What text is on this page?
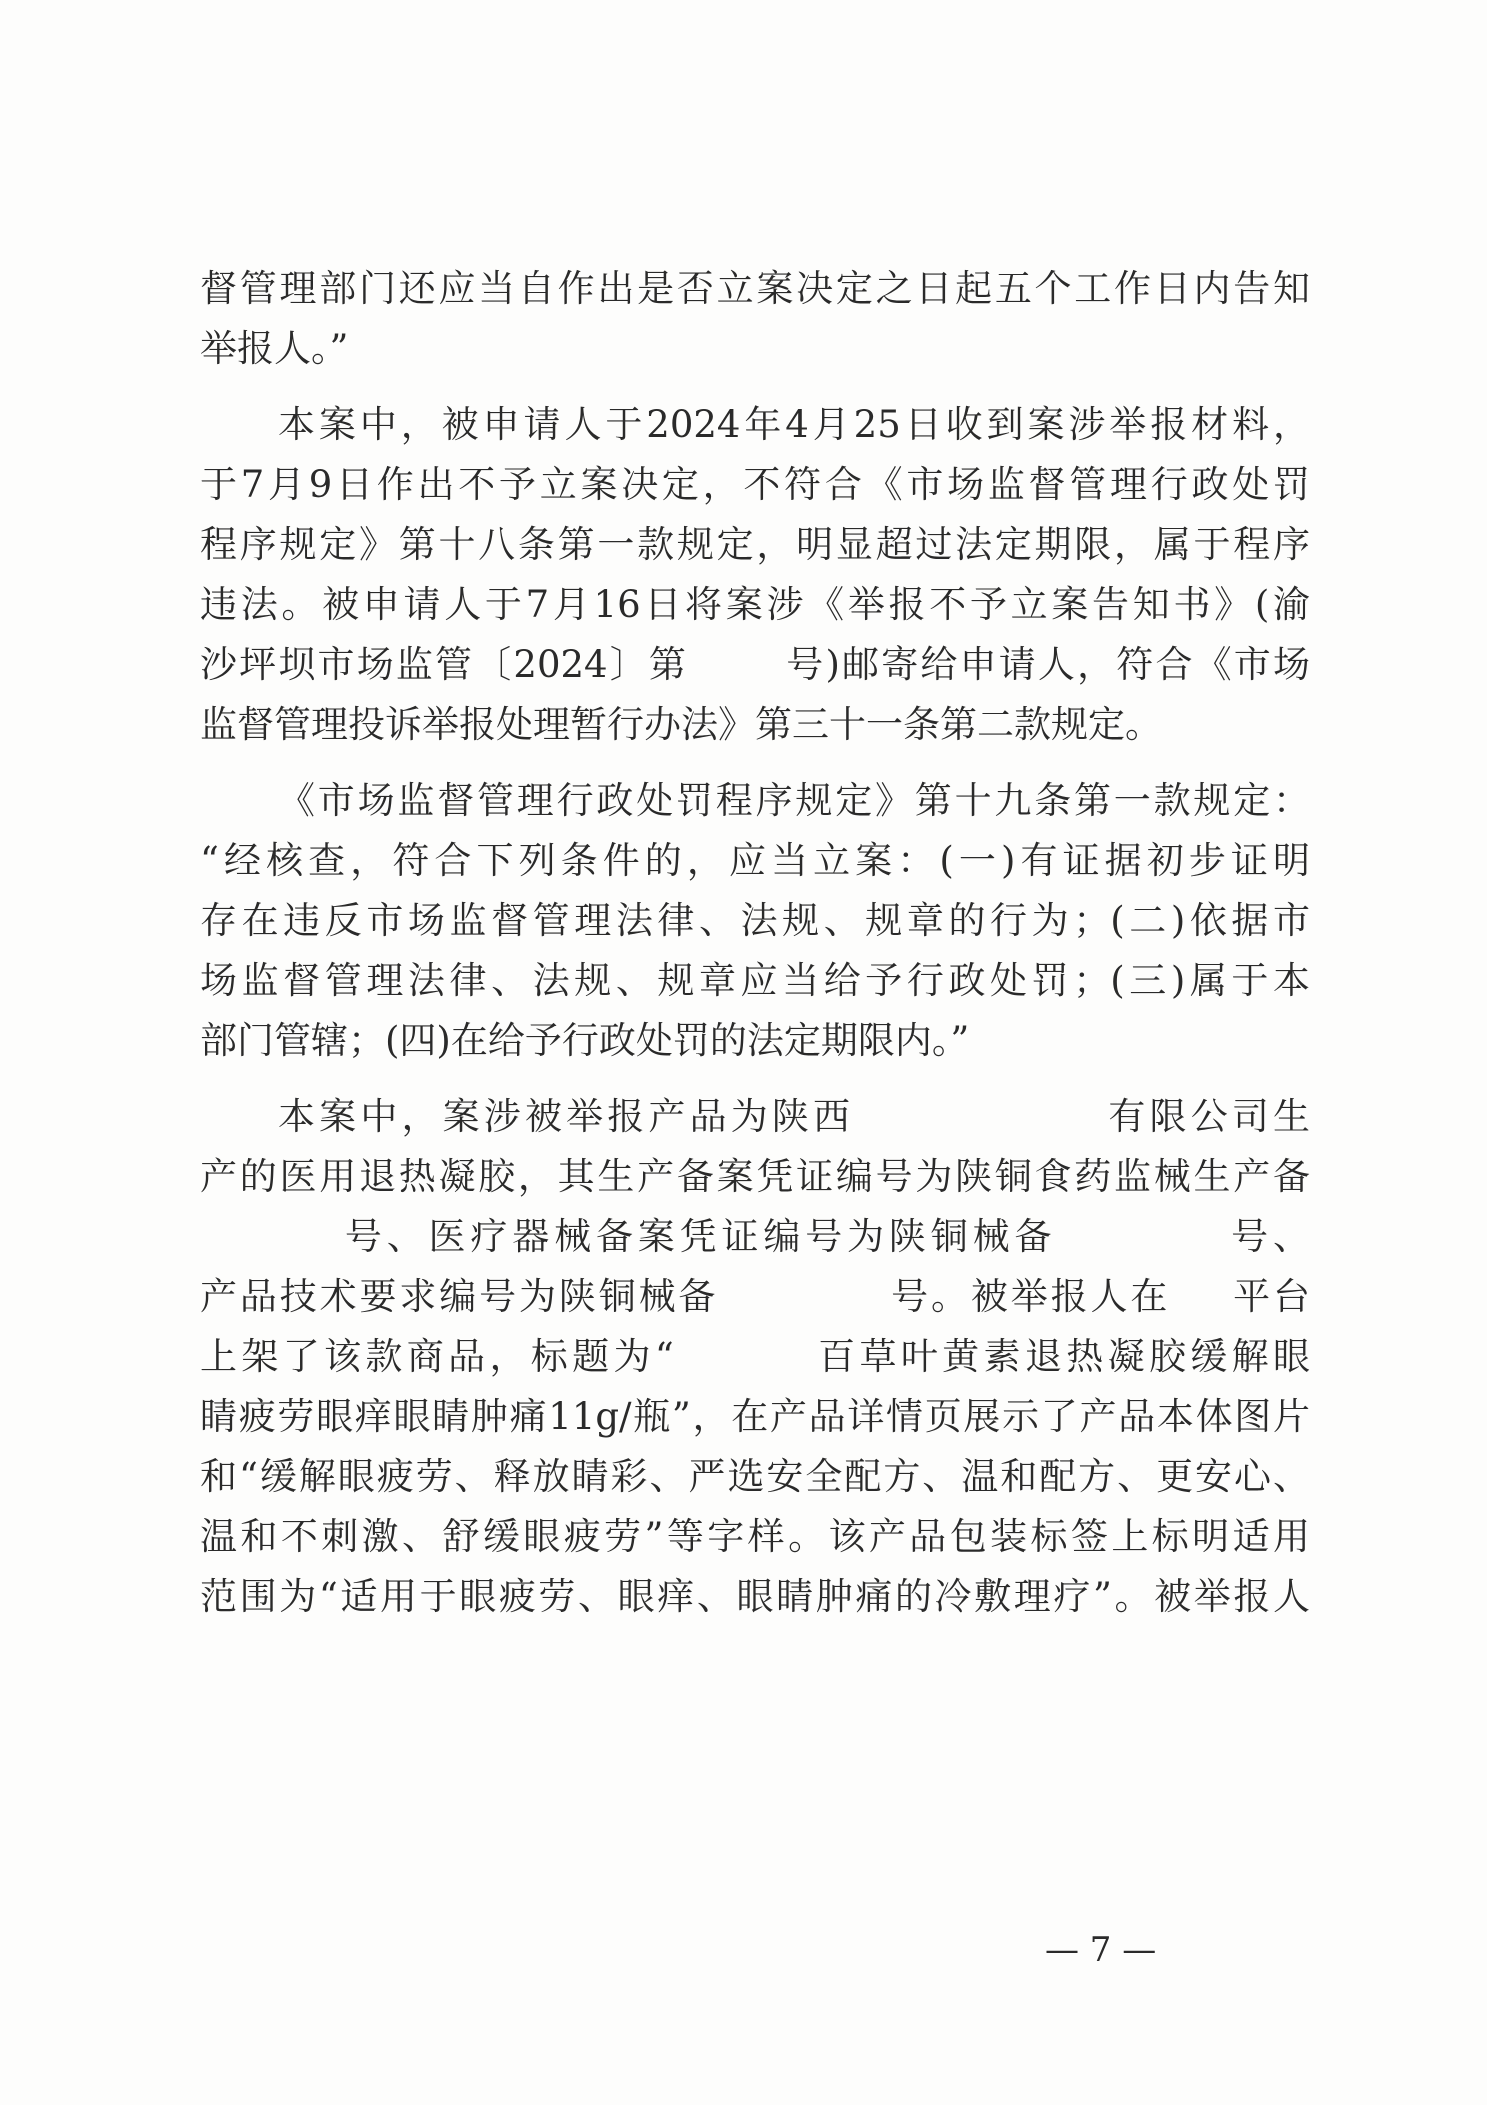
督管理部门还应当自作出是否立案决定之日起五个工作日内告知
举报人。”
本案中，被申请人于2024年4月25日收到案涉举报材料，
于7月9日作出不予立案决定，不符合《市场监督管理行政处罚
程序规定》第十八条第一款规定，明显超过法定期限，属于程序
违法。被申请人于7月16日将案涉《举报不予立案告知书》(渝
沙坪坝市场监管〔2024〕第	号)邮寄给申请人，符合《市场
监督管理投诉举报处理暂行办法》第三十一条第二款规定。
《市场监督管理行政处罚程序规定》第十九条第一款规定：
“经核查，符合下列条件的，应当立案：(一)有证据初步证明
存在违反市场监督管理法律、法规、规章的行为；(二)依据市
场监督管理法律、法规、规章应当给予行政处罚；(三)属于本
部门管辖；(四)在给予行政处罚的法定期限内。”
本案中，案涉被举报产品为陕西	有限公司生
产的医用退热凝胶，其生产备案凭证编号为陕铜食药监械生产备
号、医疗器械备案凭证编号为陕铜械备	号、
产品技术要求编号为陕铜械备	号。被举报人在 平台
上架了该款商品，标题为“	百草叶黄素退热凝胶缓解眼
睛疲劳眼痒眼睛肿痛11g/瓶”，在产品详情页展示了产品本体图片
和“缓解眼疲劳、释放睛彩、严选安全配方、温和配方、更安心、
温和不刺激、舒缓眼疲劳”等字样。该产品包装标签上标明适用
范围为“适用于眼疲劳、眼痒、眼睛肿痛的冷敷理疗”。被举报人
— 7 —
